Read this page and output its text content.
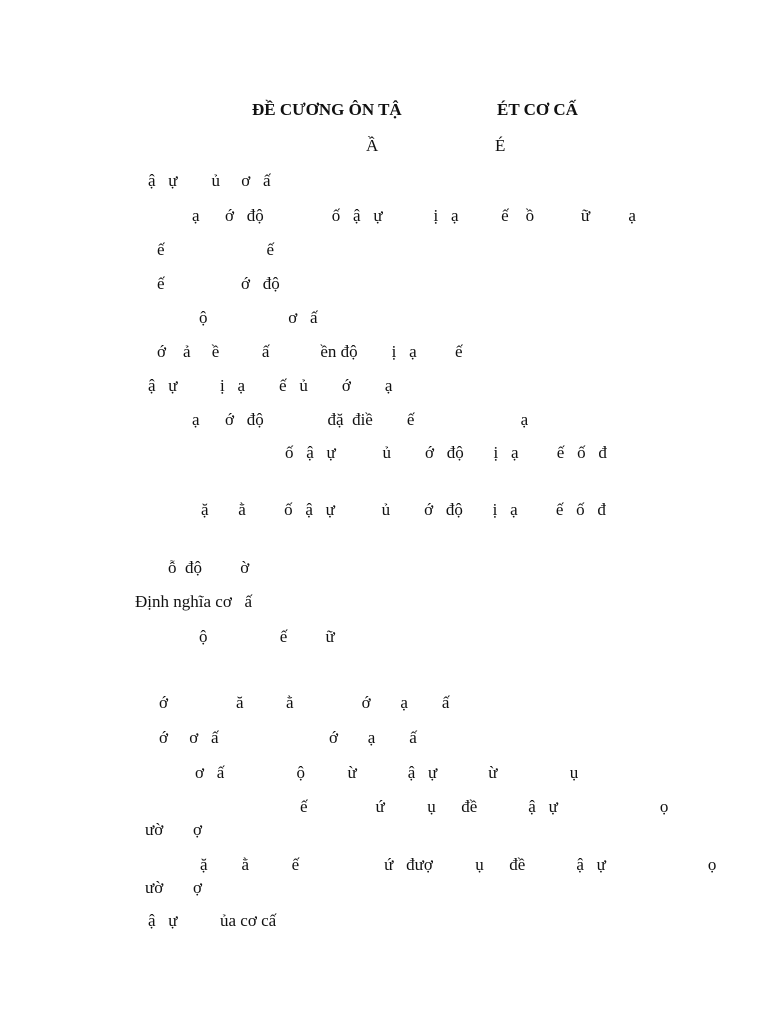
ĐỀ CƯƠNG ÔN TẬ	ÉT CƠ CẤ
Ầ	É
ậ   ự        ủ     ơ   ấ
ạ      ớ   độ                ố   ậ   ự            ị   ạ          ế    ồ           ữ         ạ
ế                        ế
ế                  ớ   độ
ộ                   ơ   ấ
ớ    ả     ề          ấ            ền độ        ị   ạ         ế
ậ   ự          ị   ạ        ế   ủ        ớ        ạ
ạ      ớ   độ               đặ  điề        ế                         ạ
ố   ậ   ự           ủ        ớ   độ       ị   ạ         ế   ố   đ
ặ       ằ         ố   ậ   ự           ủ        ớ   độ       ị   ạ         ế   ố   đ
ỗ  độ         ờ
Định nghĩa cơ   ấ
ộ                 ế         ữ
ớ                ă          ằ                ớ       ạ        ấ
ớ     ơ   ấ                          ớ       ạ        ấ
ơ   ấ                 ộ          ừ            ậ   ự            ừ                 ụ
ế                ứ          ụ      đề            ậ   ự                        ọ
ườ       ợ
ặ        ằ          ế                    ứ   đượ          ụ      đề            ậ   ự                        ọ
ườ       ợ
ậ   ự          ủa cơ cấ
